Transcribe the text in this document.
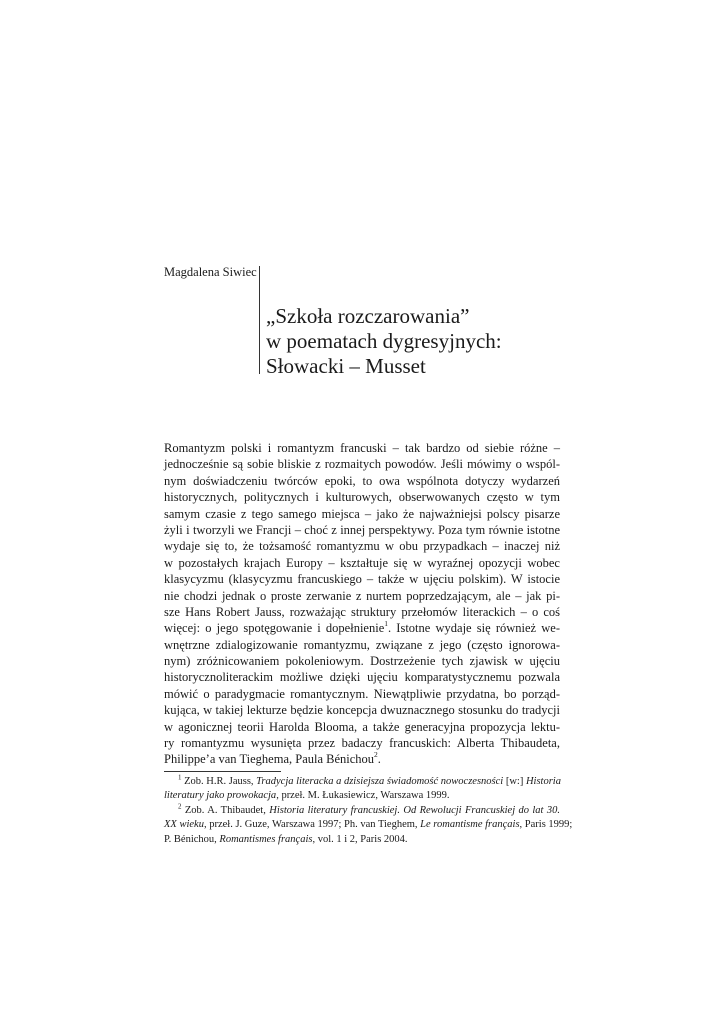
Magdalena Siwiec
„Szkoła rozczarowania”
w poematach dygresyjnych:
Słowacki – Musset
Romantyzm polski i romantyzm francuski – tak bardzo od siebie różne –
jednocześnie są sobie bliskie z rozmaitych powodów. Jeśli mówimy o wspól-
nym doświadczeniu twórców epoki, to owa wspólnota dotyczy wydarzeń
historycznych, politycznych i kulturowych, obserwowanych często w tym
samym czasie z tego samego miejsca – jako że najważniejsi polscy pisarze
żyli i tworzyli we Francji – choć z innej perspektywy. Poza tym równie istotne
wydaje się to, że tożsamość romantyzmu w obu przypadkach – inaczej niż
w pozostałych krajach Europy – kształtuje się w wyraźnej opozycji wobec
klasycyzmu (klasycyzmu francuskiego – także w ujęciu polskim). W istocie
nie chodzi jednak o proste zerwanie z nurtem poprzedzającym, ale – jak pi-
sze Hans Robert Jauss, rozważając struktury przełomów literackich – o coś
więcej: o jego spotęgowanie i dopełnienie$^1$. Istotne wydaje się również we-
wnętrzne zdialogizowanie romantyzmu, związane z jego (często ignorowa-
nym) zróżnicowaniem pokoleniowym. Dostrzeżenie tych zjawisk w ujęciu
historycznoliterackim możliwe dzięki ujęciu komparatystycznemu pozwala
mówić o paradygmacie romantycznym. Niewątpliwie przydatna, bo porząd-
kująca, w takiej lekturze będzie koncepcja dwuznacznego stosunku do tradycji
w agonicznej teorii Harolda Blooma, a także generacyjna propozycja lektu-
ry romantyzmu wysunięta przez badaczy francuskich: Alberta Thibaudeta,
Philippe’a van Tieghema, Paula Bénichou$^2$.
$^1$ Zob. H.R. Jauss, Tradycja literacka a dzisiejsza świadomość nowoczesności [w:] Historia
literatury jako prowokacja, przeł. M. Łukasiewicz, Warszawa 1999.
$^2$ Zob. A. Thibaudet, Historia literatury francuskiej. Od Rewolucji Francuskiej do lat 30.
XX wieku, przeł. J. Guze, Warszawa 1997; Ph. van Tieghem, Le romantisme français, Paris 1999;
P. Bénichou, Romantismes français, vol. 1 i 2, Paris 2004.
